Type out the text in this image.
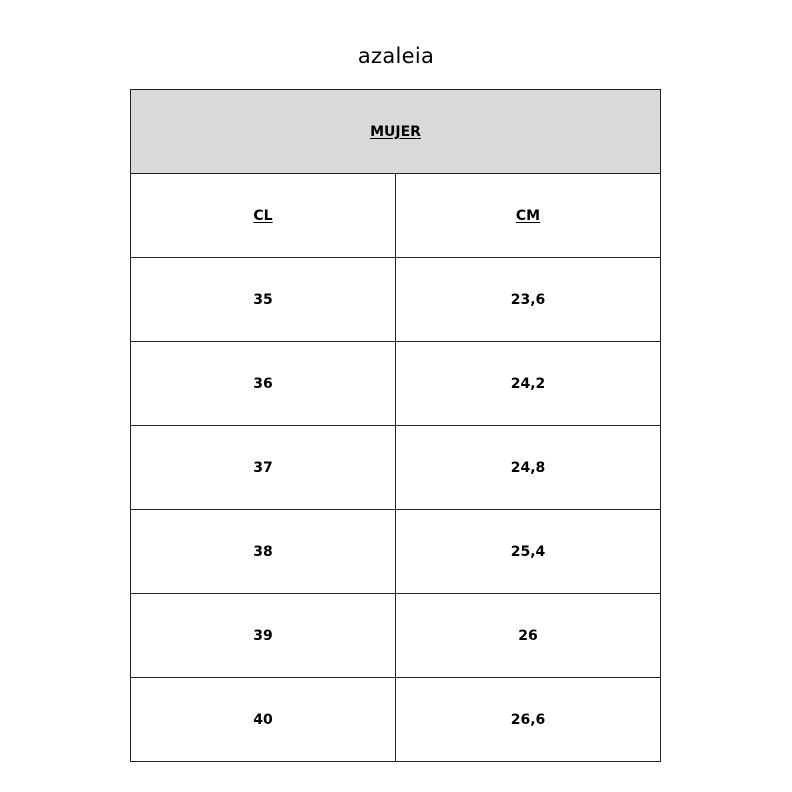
azaleia
MUJER	
CL	CM
35	23,6
36	24,2
37	24,8
38	25,4
39	26
40	26,6
